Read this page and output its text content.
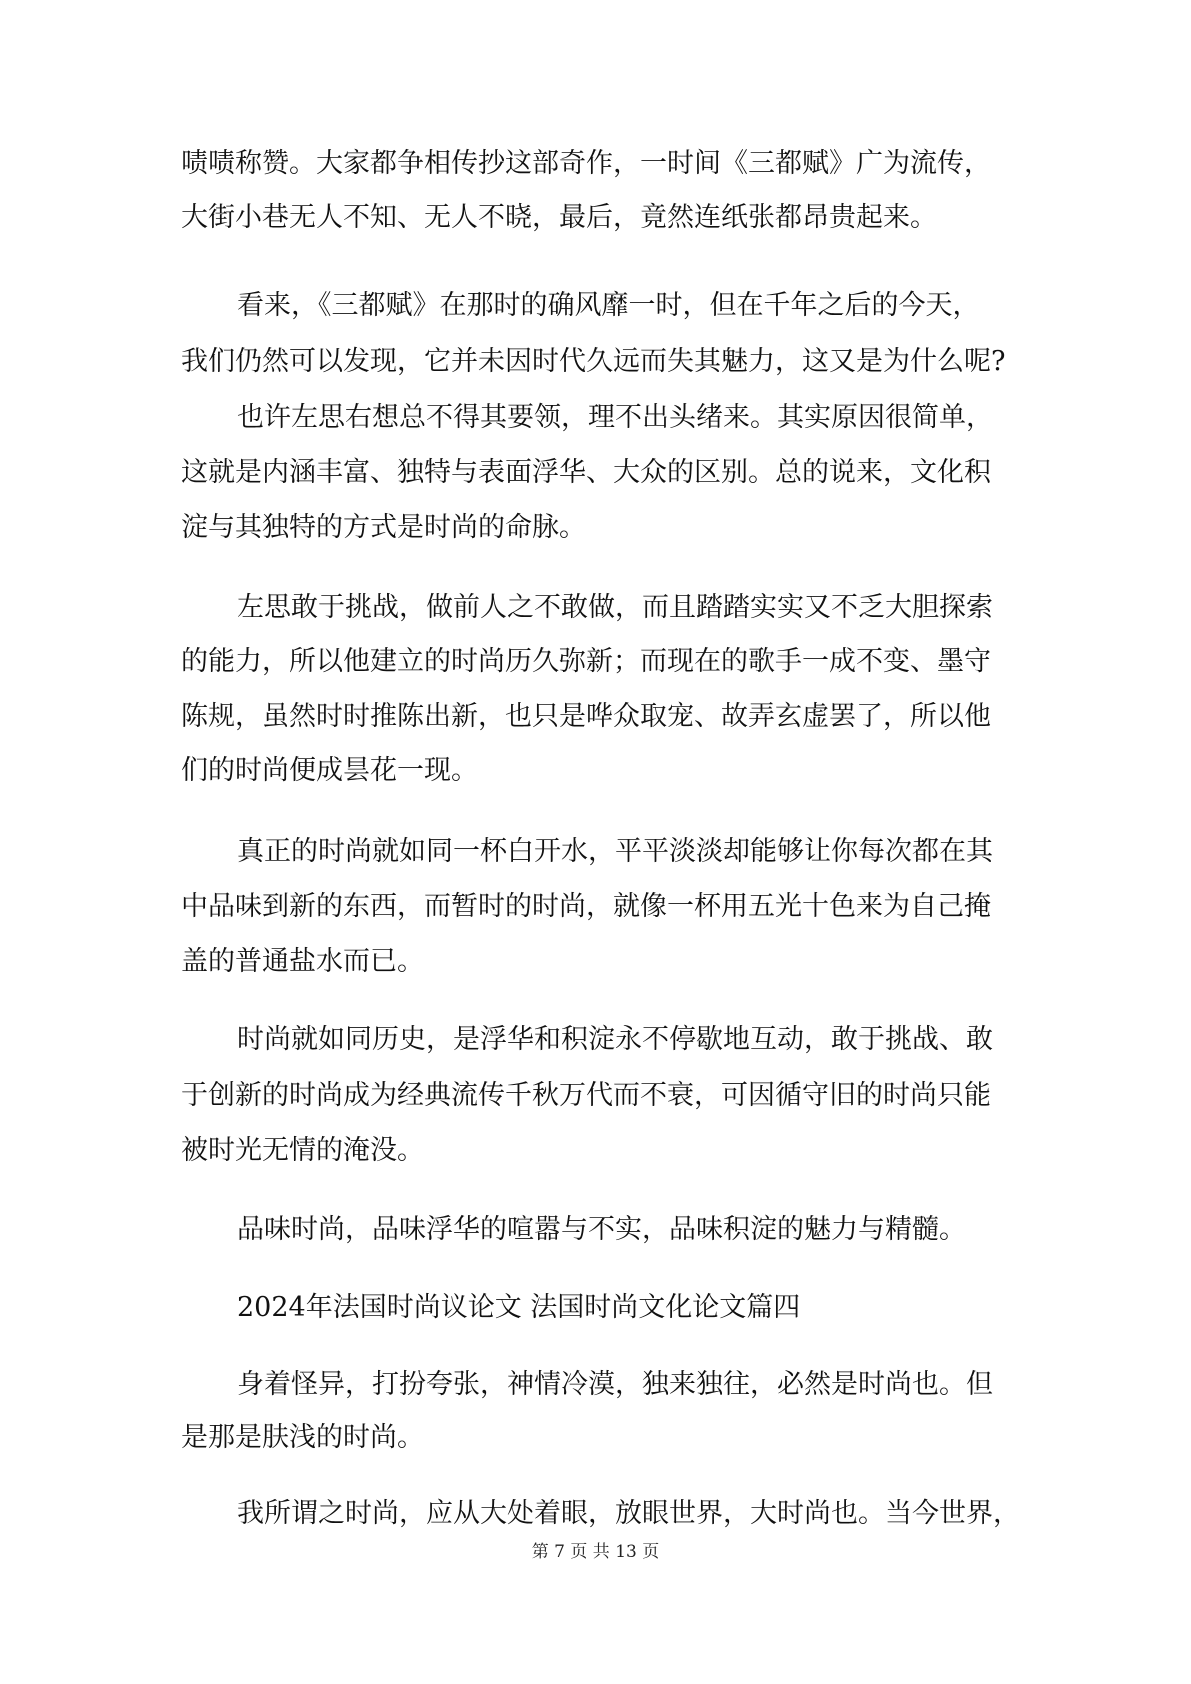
啧啧称赞。大家都争相传抄这部奇作，一时间《三都赋》广为流传，
大街小巷无人不知、无人不晓，最后，竟然连纸张都昂贵起来。
看来，《三都赋》在那时的确风靡一时，但在千年之后的今天，
我们仍然可以发现，它并未因时代久远而失其魅力，这又是为什么呢?
也许左思右想总不得其要领，理不出头绪来。其实原因很简单，
这就是内涵丰富、独特与表面浮华、大众的区别。总的说来，文化积
淀与其独特的方式是时尚的命脉。
左思敢于挑战，做前人之不敢做，而且踏踏实实又不乏大胆探索
的能力，所以他建立的时尚历久弥新；而现在的歌手一成不变、墨守
陈规，虽然时时推陈出新，也只是哗众取宠、故弄玄虚罢了，所以他
们的时尚便成昙花一现。
真正的时尚就如同一杯白开水，平平淡淡却能够让你每次都在其
中品味到新的东西，而暂时的时尚，就像一杯用五光十色来为自己掩
盖的普通盐水而已。
时尚就如同历史，是浮华和积淀永不停歇地互动，敢于挑战、敢
于创新的时尚成为经典流传千秋万代而不衰，可因循守旧的时尚只能
被时光无情的淹没。
品味时尚，品味浮华的喧嚣与不实，品味积淀的魅力与精髓。
2024年法国时尚议论文 法国时尚文化论文篇四
身着怪异，打扮夸张，神情冷漠，独来独往，必然是时尚也。但
是那是肤浅的时尚。
我所谓之时尚，应从大处着眼，放眼世界，大时尚也。当今世界，
第 7 页 共 13 页
